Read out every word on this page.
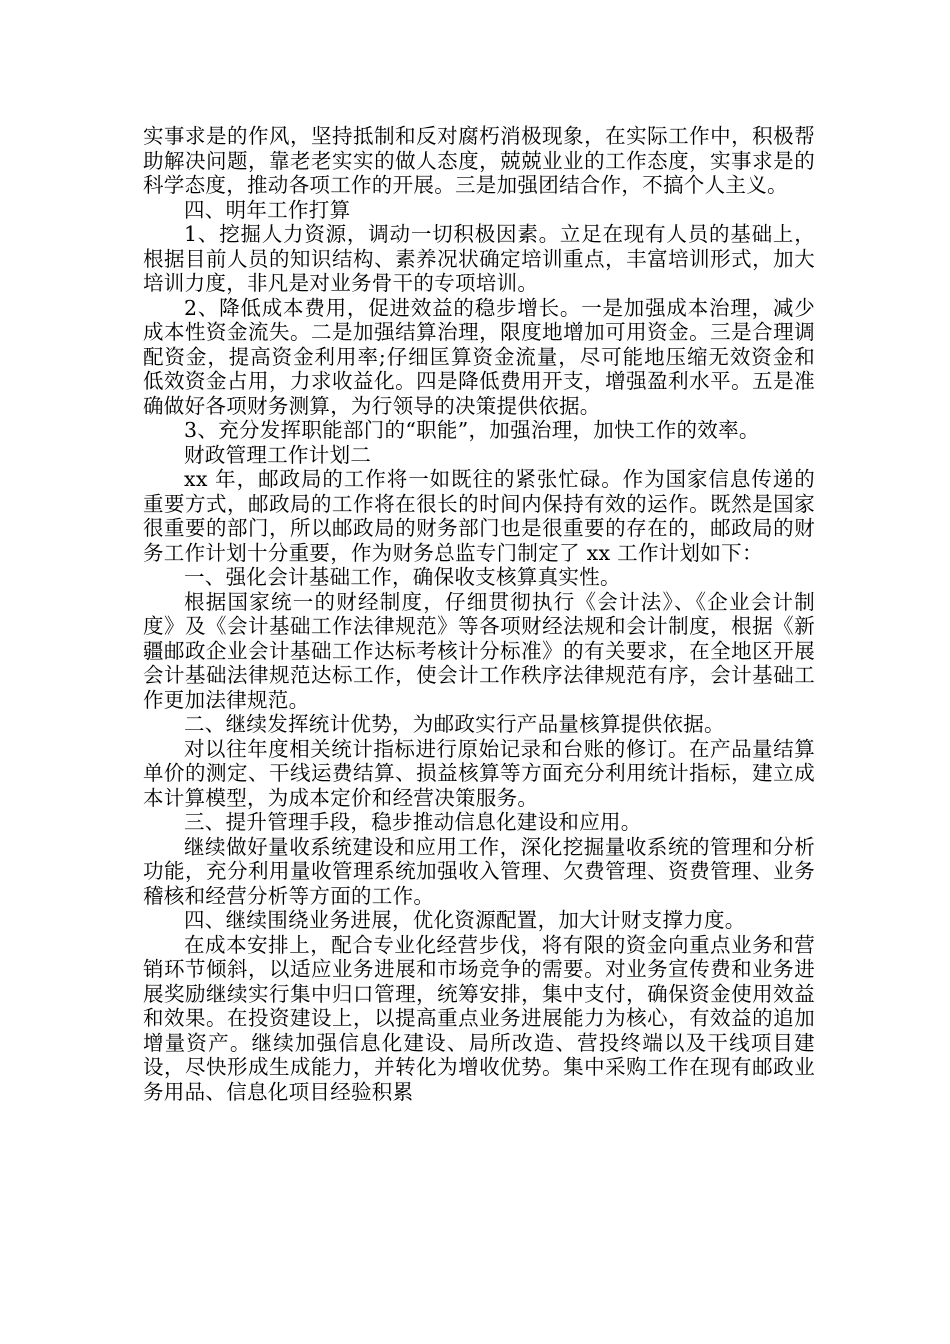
实事求是的作风，坚持抵制和反对腐朽消极现象，在实际工作中，积极帮助解决问题，靠老老实实的做人态度，兢兢业业的工作态度，实事求是的科学态度，推动各项工作的开展。三是加强团结合作，不搞个人主义。

四、明年工作打算

1、挖掘人力资源，调动一切积极因素。立足在现有人员的基础上，根据目前人员的知识结构、素养况状确定培训重点，丰富培训形式，加大培训力度，非凡是对业务骨干的专项培训。

2、降低成本费用，促进效益的稳步增长。一是加强成本治理，减少成本性资金流失。二是加强结算治理，限度地增加可用资金。三是合理调配资金，提高资金利用率;仔细匡算资金流量，尽可能地压缩无效资金和低效资金占用，力求收益化。四是降低费用开支，增强盈利水平。五是准确做好各项财务测算，为行领导的决策提供依据。

3、充分发挥职能部门的“职能”，加强治理，加快工作的效率。

财政管理工作计划二

xx 年，邮政局的工作将一如既往的紧张忙碌。作为国家信息传递的重要方式，邮政局的工作将在很长的时间内保持有效的运作。既然是国家很重要的部门，所以邮政局的财务部门也是很重要的存在的，邮政局的财务工作计划十分重要，作为财务总监专门制定了 xx 工作计划如下：

一、强化会计基础工作，确保收支核算真实性。

根据国家统一的财经制度，仔细贯彻执行《会计法》、《企业会计制度》及《会计基础工作法律规范》等各项财经法规和会计制度，根据《新疆邮政企业会计基础工作达标考核计分标准》的有关要求，在全地区开展会计基础法律规范达标工作，使会计工作秩序法律规范有序，会计基础工作更加法律规范。

二、继续发挥统计优势，为邮政实行产品量核算提供依据。

对以往年度相关统计指标进行原始记录和台账的修订。在产品量结算单价的测定、干线运费结算、损益核算等方面充分利用统计指标，建立成本计算模型，为成本定价和经营决策服务。

三、提升管理手段，稳步推动信息化建设和应用。

继续做好量收系统建设和应用工作，深化挖掘量收系统的管理和分析功能，充分利用量收管理系统加强收入管理、欠费管理、资费管理、业务稽核和经营分析等方面的工作。

四、继续围绕业务进展，优化资源配置，加大计财支撑力度。

在成本安排上，配合专业化经营步伐，将有限的资金向重点业务和营销环节倾斜，以适应业务进展和市场竞争的需要。对业务宣传费和业务进展奖励继续实行集中归口管理，统筹安排，集中支付，确保资金使用效益和效果。在投资建设上，以提高重点业务进展能力为核心，有效益的追加增量资产。继续加强信息化建设、局所改造、营投终端以及干线项目建设，尽快形成生成能力，并转化为增收优势。集中采购工作在现有邮政业务用品、信息化项目经验积累
